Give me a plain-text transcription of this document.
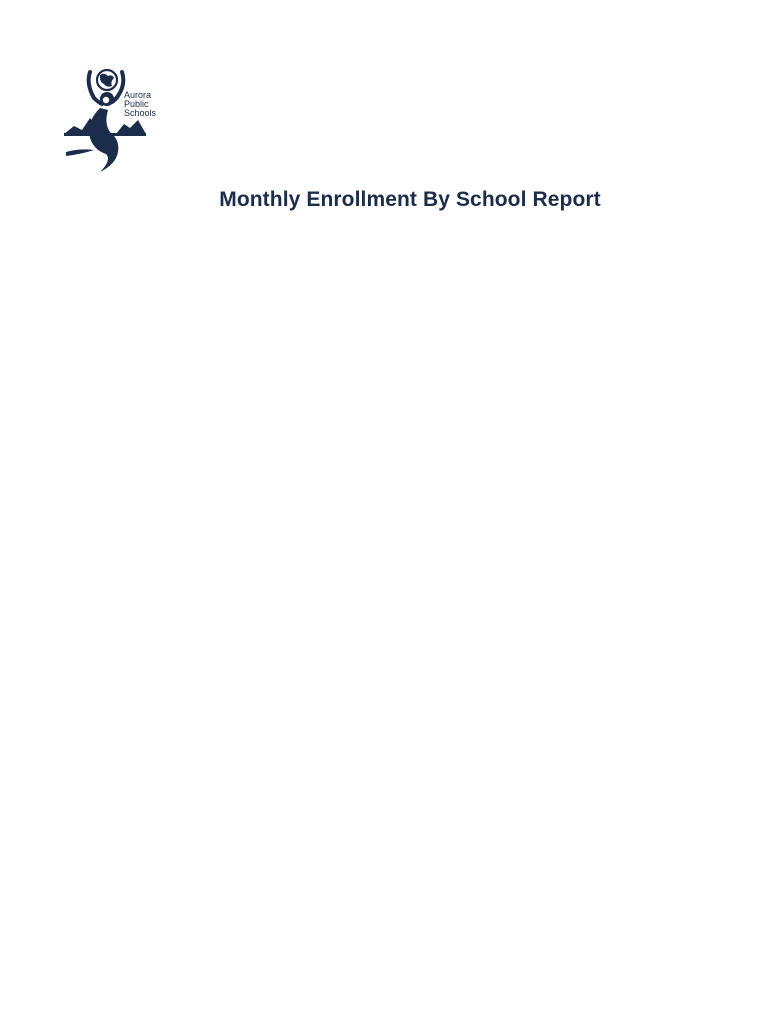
Aurora
Public
Schools
Monthly Enrollment By School Report
